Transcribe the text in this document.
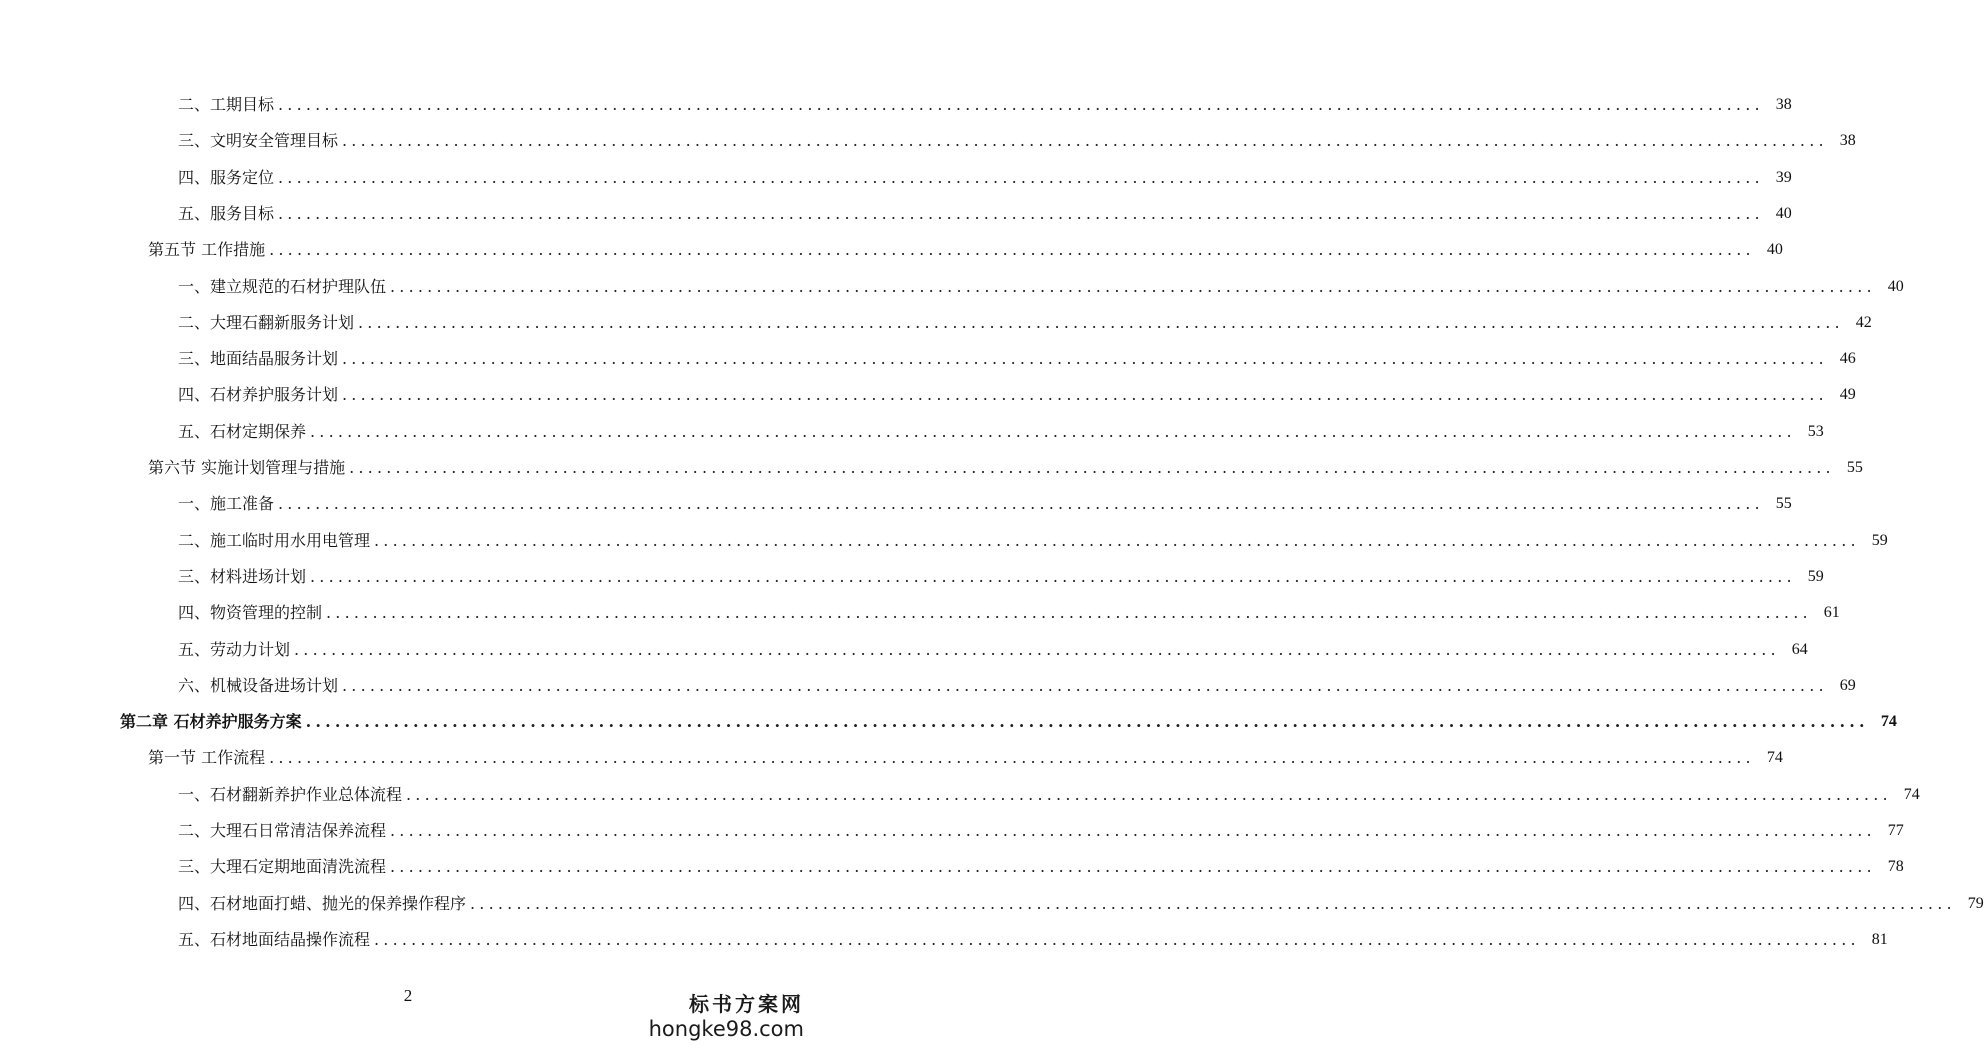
二、工期目标 .....	38
三、文明安全管理目标 .....	38
四、服务定位 .....	39
五、服务目标 .....	40
第五节 工作措施 .....	40
一、建立规范的石材护理队伍 .....	40
二、大理石翻新服务计划 .....	42
三、地面结晶服务计划 .....	46
四、石材养护服务计划 .....	49
五、石材定期保养 .....	53
第六节 实施计划管理与措施 .....	55
一、施工准备 .....	55
二、施工临时用水用电管理 .....	59
三、材料进场计划 .....	59
四、物资管理的控制 .....	61
五、劳动力计划 .....	64
六、机械设备进场计划 .....	69
第二章 石材养护服务方案 .....	74
第一节 工作流程 .....	74
一、石材翻新养护作业总体流程 .....	74
二、大理石日常清洁保养流程 .....	77
三、大理石定期地面清洗流程 .....	78
四、石材地面打蜡、抛光的保养操作程序 .....	79
五、石材地面结晶操作流程 .....	81
2	标书方案网
hongke98.com
